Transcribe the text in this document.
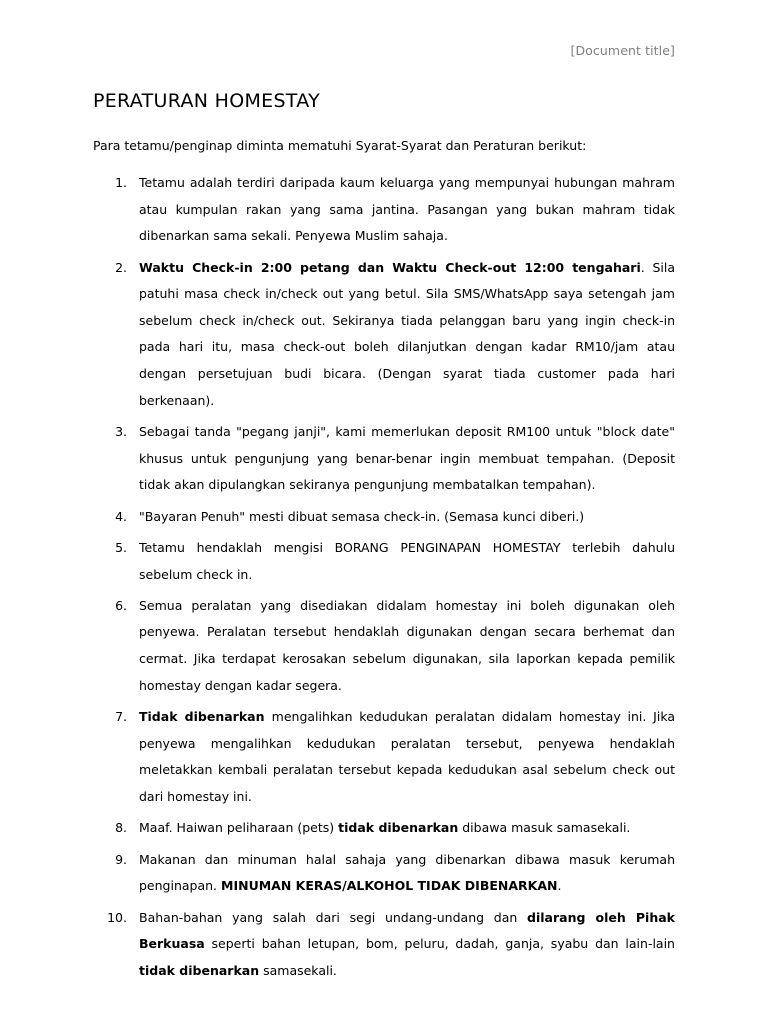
[Document title]
PERATURAN HOMESTAY

Para tetamu/penginap diminta mematuhi Syarat-Syarat dan Peraturan berikut:

1. Tetamu adalah terdiri daripada kaum keluarga yang mempunyai hubungan mahram atau kumpulan rakan yang sama jantina. Pasangan yang bukan mahram tidak dibenarkan sama sekali. Penyewa Muslim sahaja.
2. Waktu Check-in 2:00 petang dan Waktu Check-out 12:00 tengahari. Sila patuhi masa check in/check out yang betul. Sila SMS/WhatsApp saya setengah jam sebelum check in/check out. Sekiranya tiada pelanggan baru yang ingin check-in pada hari itu, masa check-out boleh dilanjutkan dengan kadar RM10/jam atau dengan persetujuan budi bicara. (Dengan syarat tiada customer pada hari berkenaan).
3. Sebagai tanda "pegang janji", kami memerlukan deposit RM100 untuk "block date" khusus untuk pengunjung yang benar-benar ingin membuat tempahan. (Deposit tidak akan dipulangkan sekiranya pengunjung membatalkan tempahan).
4. "Bayaran Penuh" mesti dibuat semasa check-in. (Semasa kunci diberi.)
5. Tetamu hendaklah mengisi BORANG PENGINAPAN HOMESTAY terlebih dahulu sebelum check in.
6. Semua peralatan yang disediakan didalam homestay ini boleh digunakan oleh penyewa. Peralatan tersebut hendaklah digunakan dengan secara berhemat dan cermat. Jika terdapat kerosakan sebelum digunakan, sila laporkan kepada pemilik homestay dengan kadar segera.
7. Tidak dibenarkan mengalihkan kedudukan peralatan didalam homestay ini. Jika penyewa mengalihkan kedudukan peralatan tersebut, penyewa hendaklah meletakkan kembali peralatan tersebut kepada kedudukan asal sebelum check out dari homestay ini.
8. Maaf. Haiwan peliharaan (pets) tidak dibenarkan dibawa masuk samasekali.
9. Makanan dan minuman halal sahaja yang dibenarkan dibawa masuk kerumah penginapan. MINUMAN KERAS/ALKOHOL TIDAK DIBENARKAN.
10. Bahan-bahan yang salah dari segi undang-undang dan dilarang oleh Pihak Berkuasa seperti bahan letupan, bom, peluru, dadah, ganja, syabu dan lain-lain tidak dibenarkan samasekali.
